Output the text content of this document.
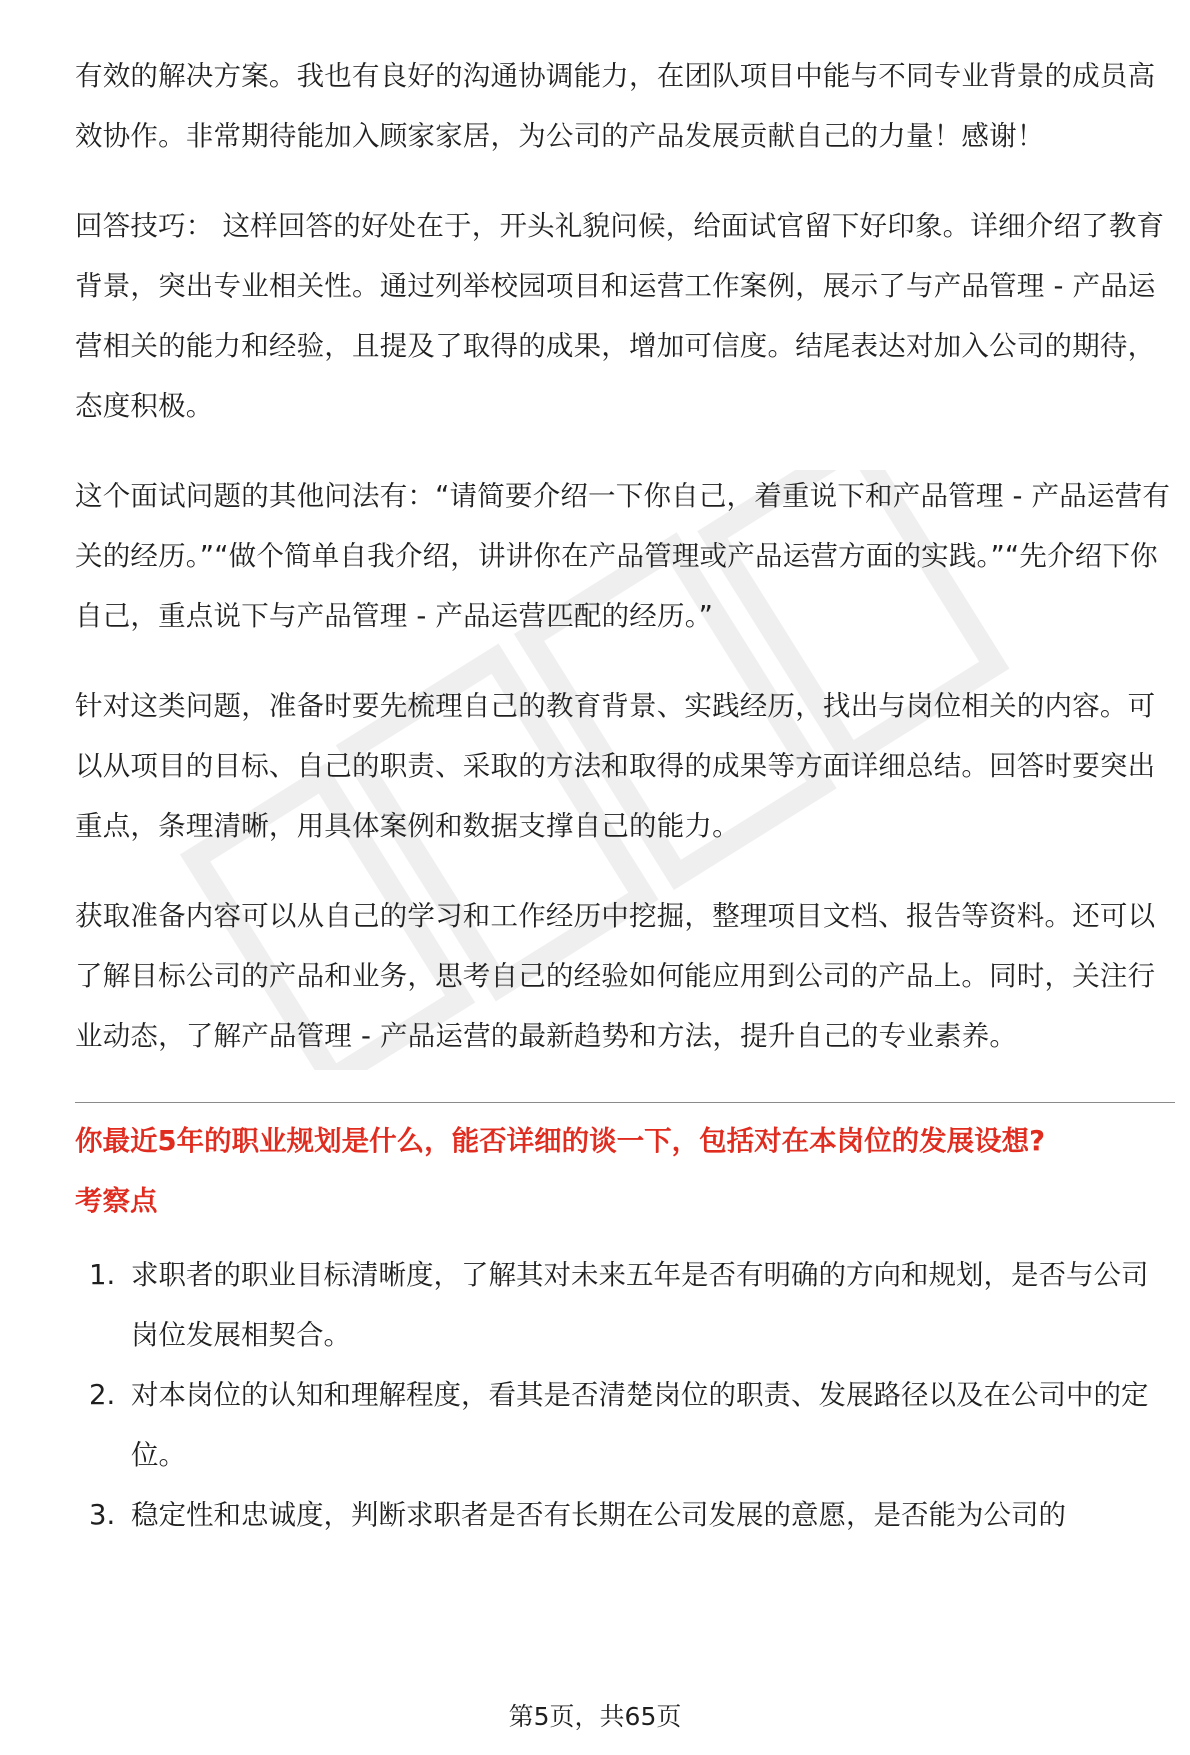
有效的解决方案。我也有良好的沟通协调能力，在团队项目中能与不同专业背景的成员高效协作。非常期待能加入顾家家居，为公司的产品发展贡献自己的力量！感谢！

回答技巧： 这样回答的好处在于，开头礼貌问候，给面试官留下好印象。详细介绍了教育背景，突出专业相关性。通过列举校园项目和运营工作案例，展示了与产品管理 - 产品运营相关的能力和经验，且提及了取得的成果，增加可信度。结尾表达对加入公司的期待，态度积极。

这个面试问题的其他问法有：“请简要介绍一下你自己，着重说下和产品管理 - 产品运营有关的经历。”“做个简单自我介绍，讲讲你在产品管理或产品运营方面的实践。”“先介绍下你自己，重点说下与产品管理 - 产品运营匹配的经历。”

针对这类问题，准备时要先梳理自己的教育背景、实践经历，找出与岗位相关的内容。可以从项目的目标、自己的职责、采取的方法和取得的成果等方面详细总结。回答时要突出重点，条理清晰，用具体案例和数据支撑自己的能力。

获取准备内容可以从自己的学习和工作经历中挖掘，整理项目文档、报告等资料。还可以了解目标公司的产品和业务，思考自己的经验如何能应用到公司的产品上。同时，关注行业动态，了解产品管理 - 产品运营的最新趋势和方法，提升自己的专业素养。

你最近5年的职业规划是什么，能否详细的谈一下，包括对在本岗位的发展设想?
考察点
1. 求职者的职业目标清晰度，了解其对未来五年是否有明确的方向和规划，是否与公司岗位发展相契合。
2. 对本岗位的认知和理解程度，看其是否清楚岗位的职责、发展路径以及在公司中的定位。
3. 稳定性和忠诚度，判断求职者是否有长期在公司发展的意愿，是否能为公司的
第5页，共65页
